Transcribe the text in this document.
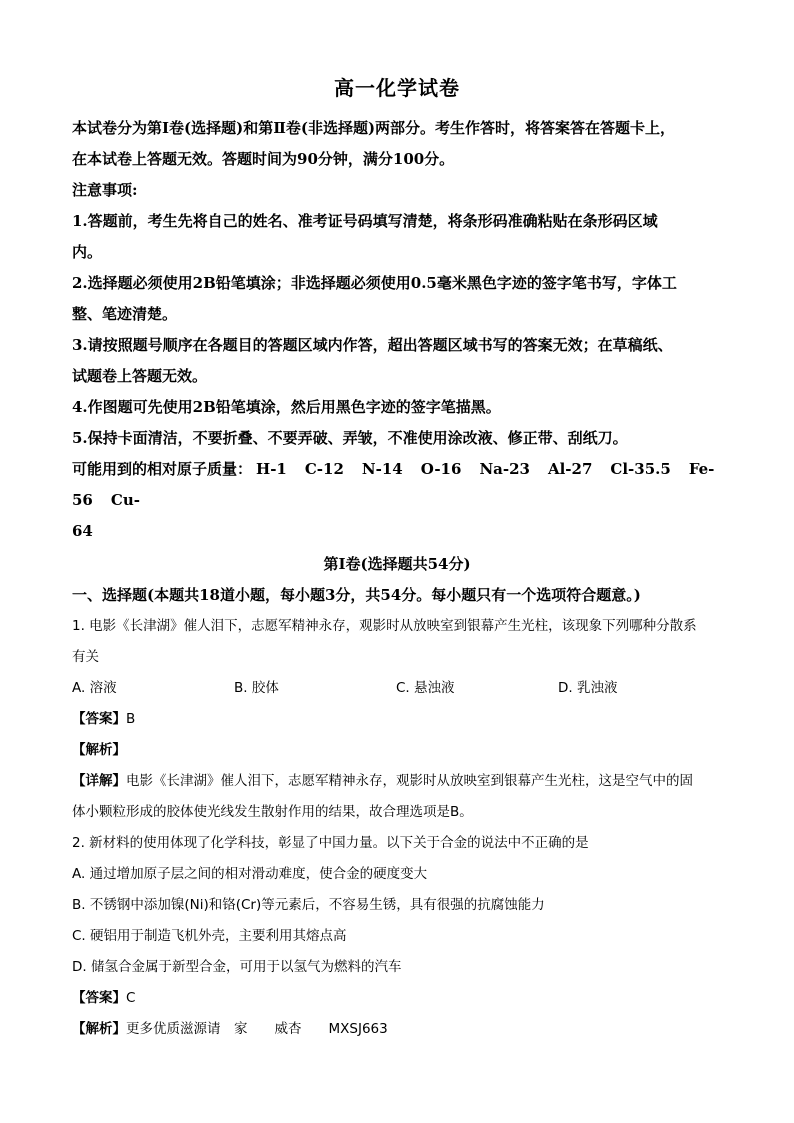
高一化学试卷

本试卷分为第Ⅰ卷(选择题)和第Ⅱ卷(非选择题)两部分。考生作答时，将答案答在答题卡上，

在本试卷上答题无效。答题时间为90分钟，满分100分。

注意事项:

1.答题前，考生先将自己的姓名、准考证号码填写清楚，将条形码准确粘贴在条形码区域

内。

2.选择题必须使用2B铅笔填涂；非选择题必须使用0.5毫米黑色字迹的签字笔书写，字体工

整、笔迹清楚。

3.请按照题号顺序在各题目的答题区域内作答，超出答题区域书写的答案无效；在草稿纸、

试题卷上答题无效。

4.作图题可先使用2B铅笔填涂，然后用黑色字迹的签字笔描黑。

5.保持卡面清洁，不要折叠、不要弄破、弄皱，不准使用涂改液、修正带、刮纸刀。

可能用到的相对原子质量： H-1 C-12 N-14 O-16 Na-23 Al-27 Cl-35.5 Fe-56 Cu-

64

第Ⅰ卷(选择题共54分)

一、选择题(本题共18道小题，每小题3分，共54分。每小题只有一个选项符合题意。)

1. 电影《长津湖》催人泪下，志愿军精神永存，观影时从放映室到银幕产生光柱，该现象下列哪种分散系

有关

A. 溶液	B. 胶体	C. 悬浊液	D. 乳浊液

【答案】B

【解析】

【详解】电影《长津湖》催人泪下，志愿军精神永存，观影时从放映室到银幕产生光柱，这是空气中的固

体小颗粒形成的胶体使光线发生散射作用的结果，故合理选项是B。

2. 新材料的使用体现了化学科技，彰显了中国力量。以下关于合金的说法中不正确的是

A. 通过增加原子层之间的相对滑动难度，使合金的硬度变大

B. 不锈钢中添加镍(Ni)和铬(Cr)等元素后，不容易生锈，具有很强的抗腐蚀能力

C. 硬铝用于制造飞机外壳，主要利用其熔点高

D. 储氢合金属于新型合金，可用于以氢气为燃料的汽车

【答案】C

【解析】更多优质滋源请　家　　威杏　　MXSJ663
